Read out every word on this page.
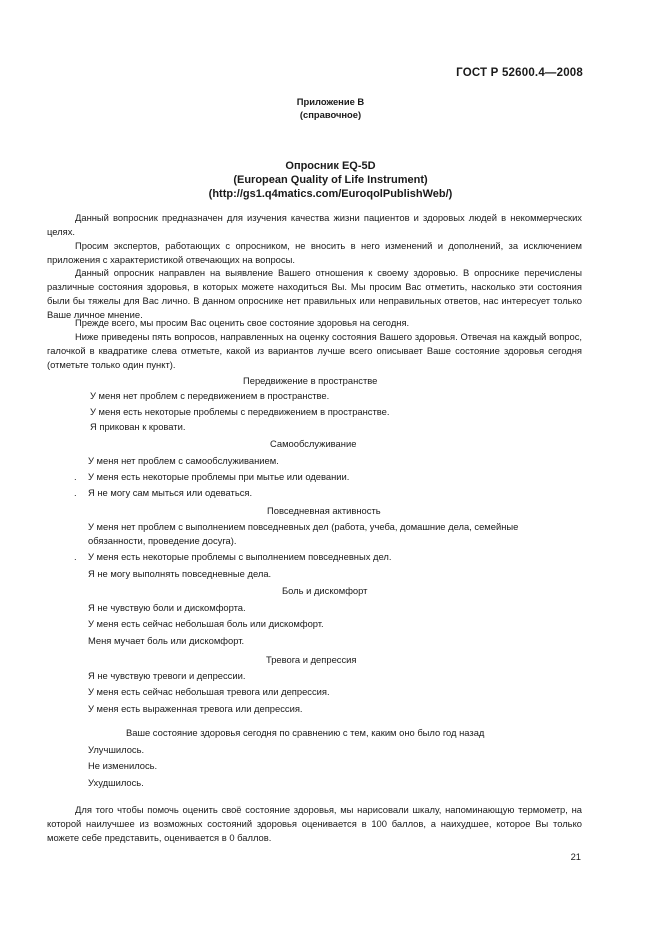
ГОСТ Р 52600.4—2008
Приложение В
(справочное)
Опросник EQ-5D
(European Quality of Life Instrument)
(http://gs1.q4matics.com/EuroqolPublishWeb/)
Данный вопросник предназначен для изучения качества жизни пациентов и здоровых людей в некоммерческих целях.
Просим экспертов, работающих с опросником, не вносить в него изменений и дополнений, за исключением приложения с характеристикой отвечающих на вопросы.
Данный опросник направлен на выявление Вашего отношения к своему здоровью. В опроснике перечислены различные состояния здоровья, в которых можете находиться Вы. Мы просим Вас отметить, насколько эти состояния были бы тяжелы для Вас лично. В данном опроснике нет правильных или неправильных ответов, нас интересует только Ваше личное мнение.
Прежде всего, мы просим Вас оценить свое состояние здоровья на сегодня.
Ниже приведены пять вопросов, направленных на оценку состояния Вашего здоровья. Отвечая на каждый вопрос, галочкой в квадратике слева отметьте, какой из вариантов лучше всего описывает Ваше состояние здоровья сегодня (отметьте только один пункт).
Передвижение в пространстве
У меня нет проблем с передвижением в пространстве.
У меня есть некоторые проблемы с передвижением в пространстве.
Я прикован к кровати.
Самообслуживание
У меня нет проблем с самообслуживанием.
. У меня есть некоторые проблемы при мытье или одевании.
. Я не могу сам мыться или одеваться.
Повседневная активность
У меня нет проблем с выполнением повседневных дел (работа, учеба, домашние дела, семейные обязанности, проведение досуга).
. У меня есть некоторые проблемы с выполнением повседневных дел.
Я не могу выполнять повседневные дела.
Боль и дискомфорт
Я не чувствую боли и дискомфорта.
У меня есть сейчас небольшая боль или дискомфорт.
Меня мучает боль или дискомфорт.
Тревога и депрессия
Я не чувствую тревоги и депрессии.
У меня есть сейчас небольшая тревога или депрессия.
У меня есть выраженная тревога или депрессия.
Ваше состояние здоровья сегодня по сравнению с тем, каким оно было год назад
Улучшилось.
Не изменилось.
Ухудшилось.
Для того чтобы помочь оценить своё состояние здоровья, мы нарисовали шкалу, напоминающую термометр, на которой наилучшее из возможных состояний здоровья оценивается в 100 баллов, а наихудшее, которое Вы только можете себе представить, оценивается в 0 баллов.
21
